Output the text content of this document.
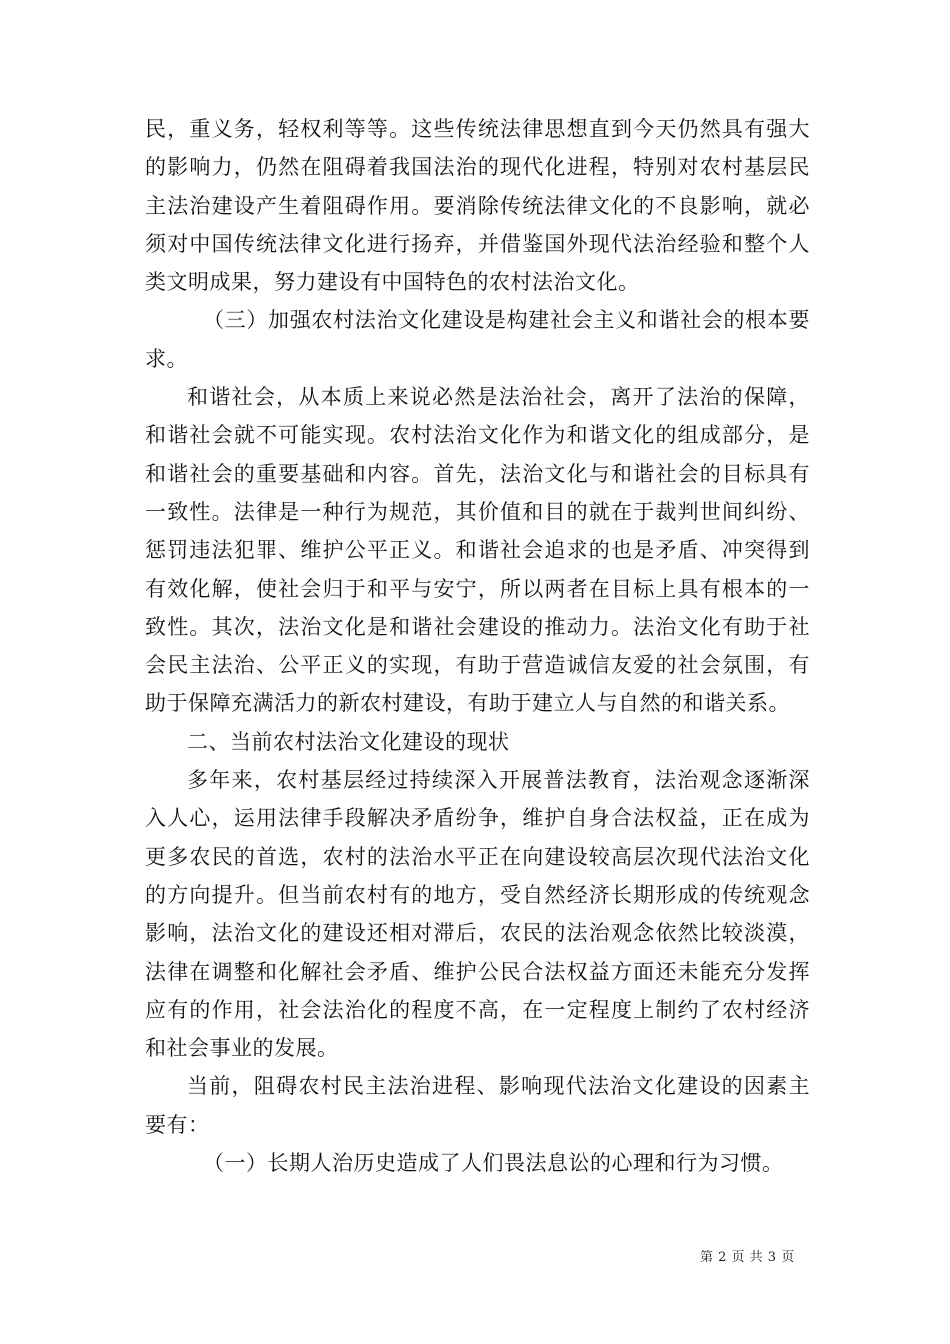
民，重义务，轻权利等等。这些传统法律思想直到今天仍然具有强大的影响力，仍然在阻碍着我国法治的现代化进程，特别对农村基层民主法治建设产生着阻碍作用。要消除传统法律文化的不良影响，就必须对中国传统法律文化进行扬弃，并借鉴国外现代法治经验和整个人类文明成果，努力建设有中国特色的农村法治文化。

（三）加强农村法治文化建设是构建社会主义和谐社会的根本要求。

和谐社会，从本质上来说必然是法治社会，离开了法治的保障，和谐社会就不可能实现。农村法治文化作为和谐文化的组成部分，是和谐社会的重要基础和内容。首先，法治文化与和谐社会的目标具有一致性。法律是一种行为规范，其价值和目的就在于裁判世间纠纷、惩罚违法犯罪、维护公平正义。和谐社会追求的也是矛盾、冲突得到有效化解，使社会归于和平与安宁，所以两者在目标上具有根本的一致性。其次，法治文化是和谐社会建设的推动力。法治文化有助于社会民主法治、公平正义的实现，有助于营造诚信友爱的社会氛围，有助于保障充满活力的新农村建设，有助于建立人与自然的和谐关系。

二、当前农村法治文化建设的现状

多年来，农村基层经过持续深入开展普法教育，法治观念逐渐深入人心，运用法律手段解决矛盾纷争，维护自身合法权益，正在成为更多农民的首选，农村的法治水平正在向建设较高层次现代法治文化的方向提升。但当前农村有的地方，受自然经济长期形成的传统观念影响，法治文化的建设还相对滞后，农民的法治观念依然比较淡漠，法律在调整和化解社会矛盾、维护公民合法权益方面还未能充分发挥应有的作用，社会法治化的程度不高，在一定程度上制约了农村经济和社会事业的发展。

当前，阻碍农村民主法治进程、影响现代法治文化建设的因素主要有：

（一）长期人治历史造成了人们畏法息讼的心理和行为习惯。

第 2 页 共 3 页
